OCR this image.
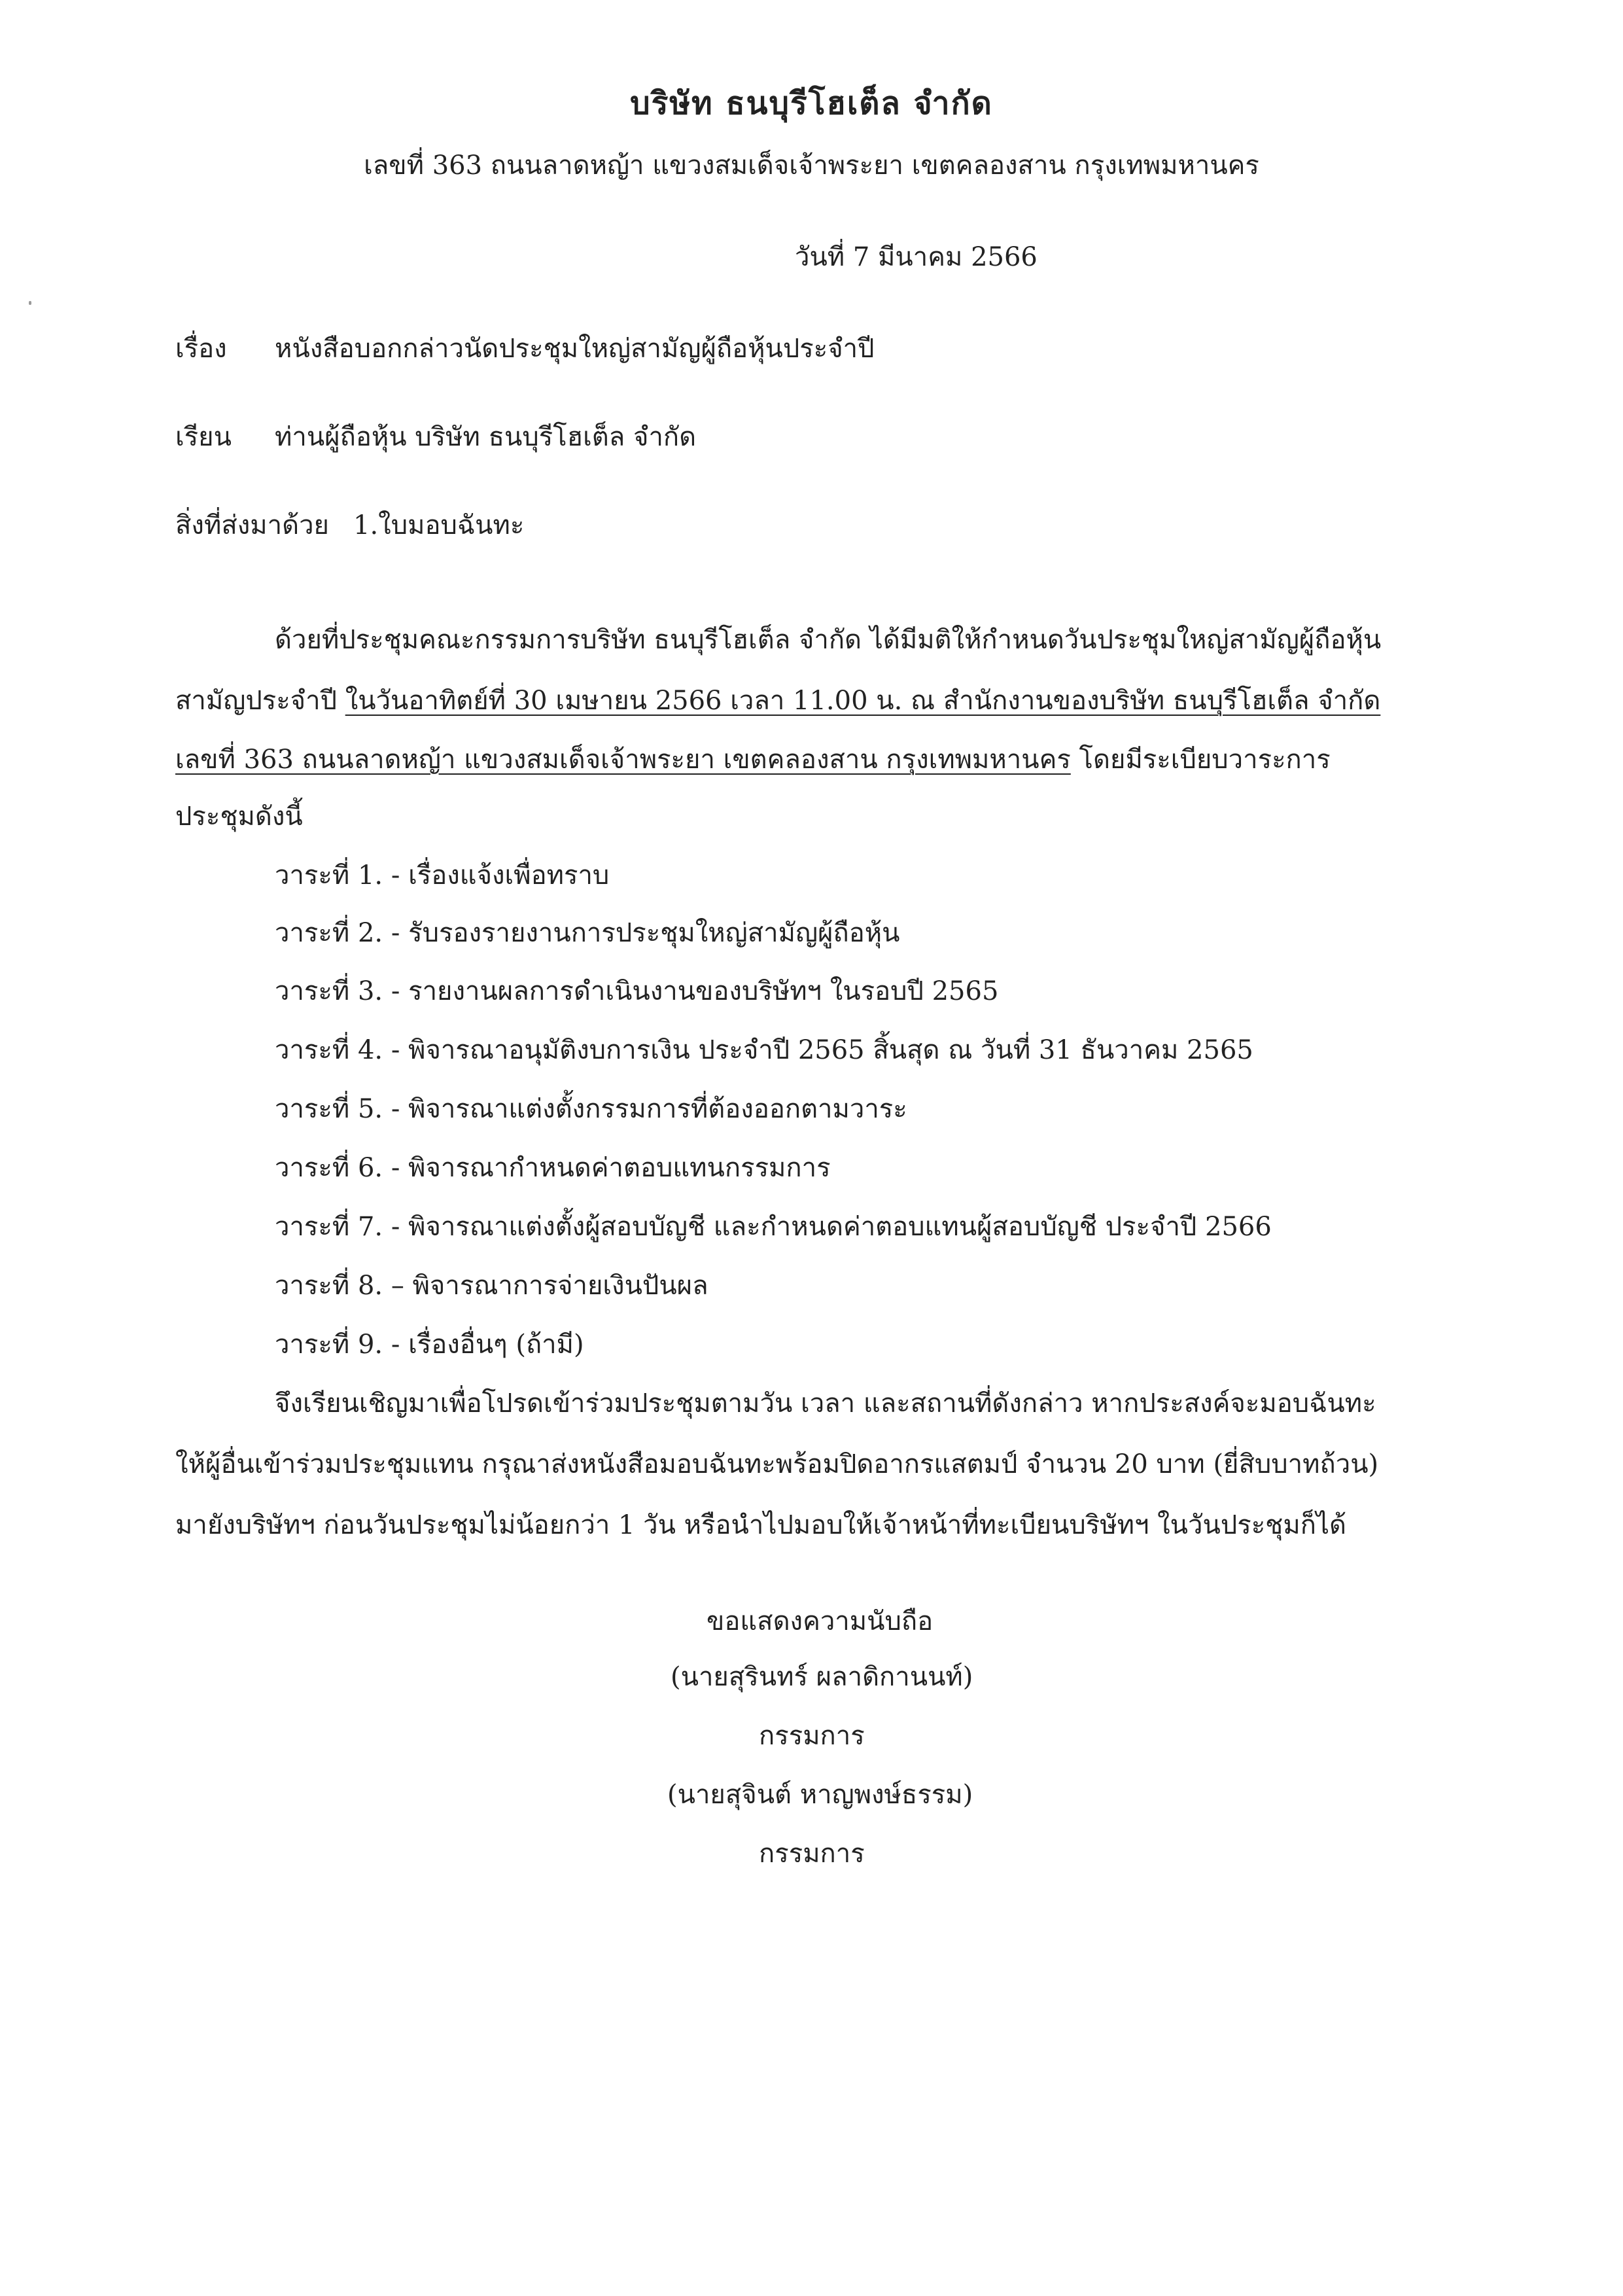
บริษัท ธนบุรีโฮเต็ล จำกัด
เลขที่ 363 ถนนลาดหญ้า แขวงสมเด็จเจ้าพระยา เขตคลองสาน กรุงเทพมหานคร
วันที่ 7 มีนาคม 2566
เรื่อง หนังสือบอกกล่าวนัดประชุมใหญ่สามัญผู้ถือหุ้นประจำปี
เรียน ท่านผู้ถือหุ้น บริษัท ธนบุรีโฮเต็ล จำกัด
สิ่งที่ส่งมาด้วย 1.ใบมอบฉันทะ
ด้วยที่ประชุมคณะกรรมการบริษัท ธนบุรีโฮเต็ล จำกัด ได้มีมติให้กำหนดวันประชุมใหญ่สามัญผู้ถือหุ้น
สามัญประจำปี ในวันอาทิตย์ที่ 30 เมษายน 2566 เวลา 11.00 น. ณ สำนักงานของบริษัท ธนบุรีโฮเต็ล จำกัด
เลขที่ 363 ถนนลาดหญ้า แขวงสมเด็จเจ้าพระยา เขตคลองสาน กรุงเทพมหานคร โดยมีระเบียบวาระการ
ประชุมดังนี้
วาระที่ 1. - เรื่องแจ้งเพื่อทราบ
วาระที่ 2. - รับรองรายงานการประชุมใหญ่สามัญผู้ถือหุ้น
วาระที่ 3. - รายงานผลการดำเนินงานของบริษัทฯ ในรอบปี 2565
วาระที่ 4. - พิจารณาอนุมัติงบการเงิน ประจำปี 2565 สิ้นสุด ณ วันที่ 31 ธันวาคม 2565
วาระที่ 5. - พิจารณาแต่งตั้งกรรมการที่ต้องออกตามวาระ
วาระที่ 6. - พิจารณากำหนดค่าตอบแทนกรรมการ
วาระที่ 7. - พิจารณาแต่งตั้งผู้สอบบัญชี และกำหนดค่าตอบแทนผู้สอบบัญชี ประจำปี 2566
วาระที่ 8. – พิจารณาการจ่ายเงินปันผล
วาระที่ 9. - เรื่องอื่นๆ (ถ้ามี)
จึงเรียนเชิญมาเพื่อโปรดเข้าร่วมประชุมตามวัน เวลา และสถานที่ดังกล่าว หากประสงค์จะมอบฉันทะ
ให้ผู้อื่นเข้าร่วมประชุมแทน กรุณาส่งหนังสือมอบฉันทะพร้อมปิดอากรแสตมป์ จำนวน 20 บาท (ยี่สิบบาทถ้วน)
มายังบริษัทฯ ก่อนวันประชุมไม่น้อยกว่า 1 วัน หรือนำไปมอบให้เจ้าหน้าที่ทะเบียนบริษัทฯ ในวันประชุมก็ได้
ขอแสดงความนับถือ
(นายสุรินทร์ ผลาดิกานนท์)
กรรมการ
(นายสุจินต์ หาญพงษ์ธรรม)
กรรมการ
